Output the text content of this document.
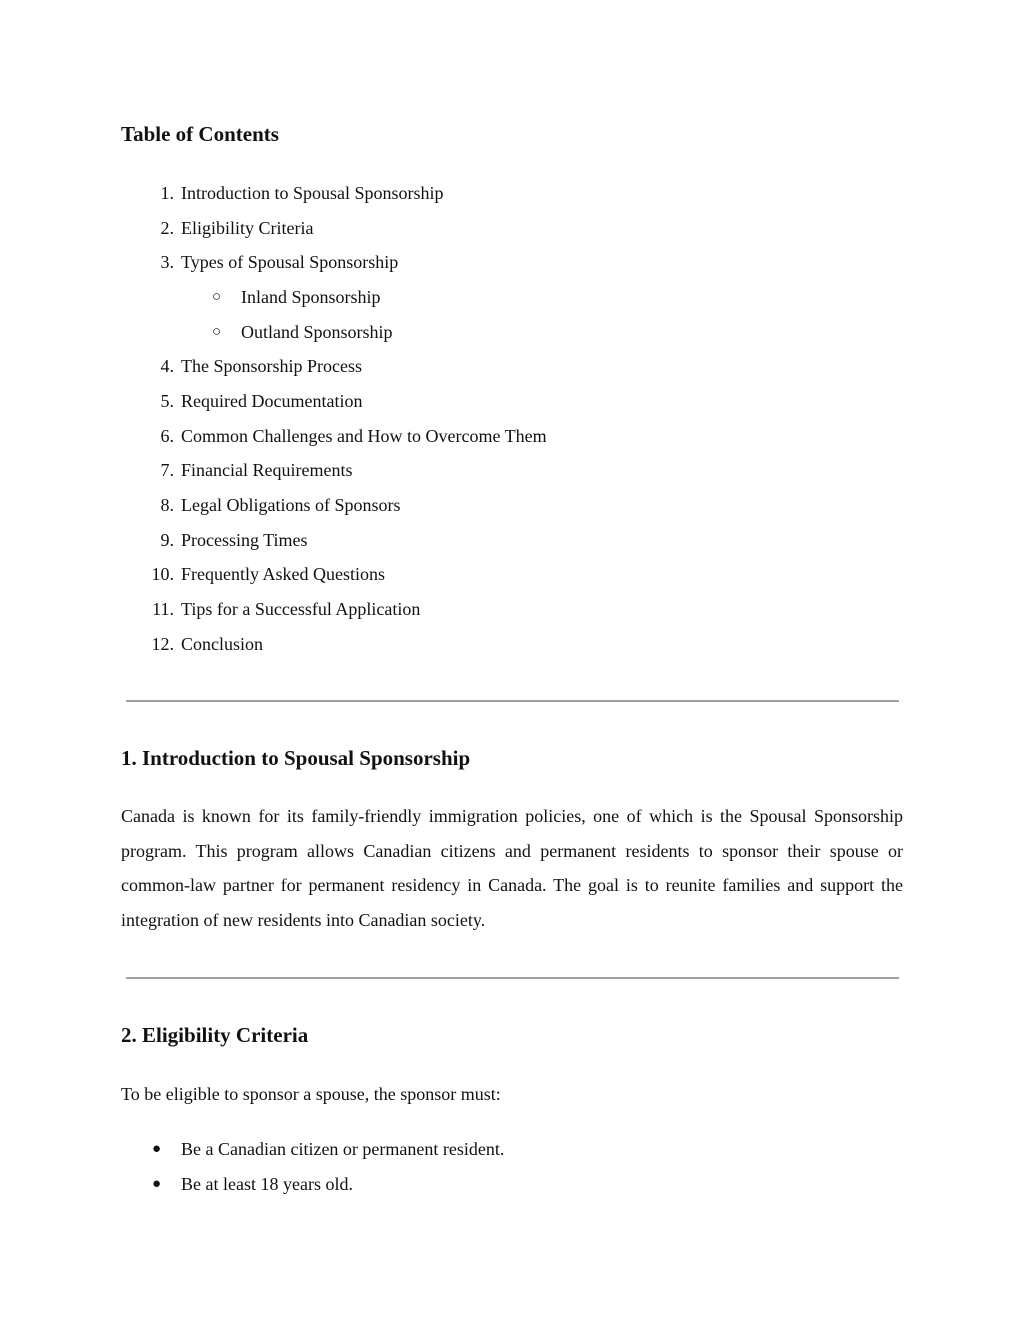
Table of Contents
1. Introduction to Spousal Sponsorship
2. Eligibility Criteria
3. Types of Spousal Sponsorship
○ Inland Sponsorship
○ Outland Sponsorship
4. The Sponsorship Process
5. Required Documentation
6. Common Challenges and How to Overcome Them
7. Financial Requirements
8. Legal Obligations of Sponsors
9. Processing Times
10. Frequently Asked Questions
11. Tips for a Successful Application
12. Conclusion
1. Introduction to Spousal Sponsorship

Canada is known for its family-friendly immigration policies, one of which is the Spousal Sponsorship program. This program allows Canadian citizens and permanent residents to sponsor their spouse or common-law partner for permanent residency in Canada. The goal is to reunite families and support the integration of new residents into Canadian society.

2. Eligibility Criteria

To be eligible to sponsor a spouse, the sponsor must:

● Be a Canadian citizen or permanent resident.
● Be at least 18 years old.
